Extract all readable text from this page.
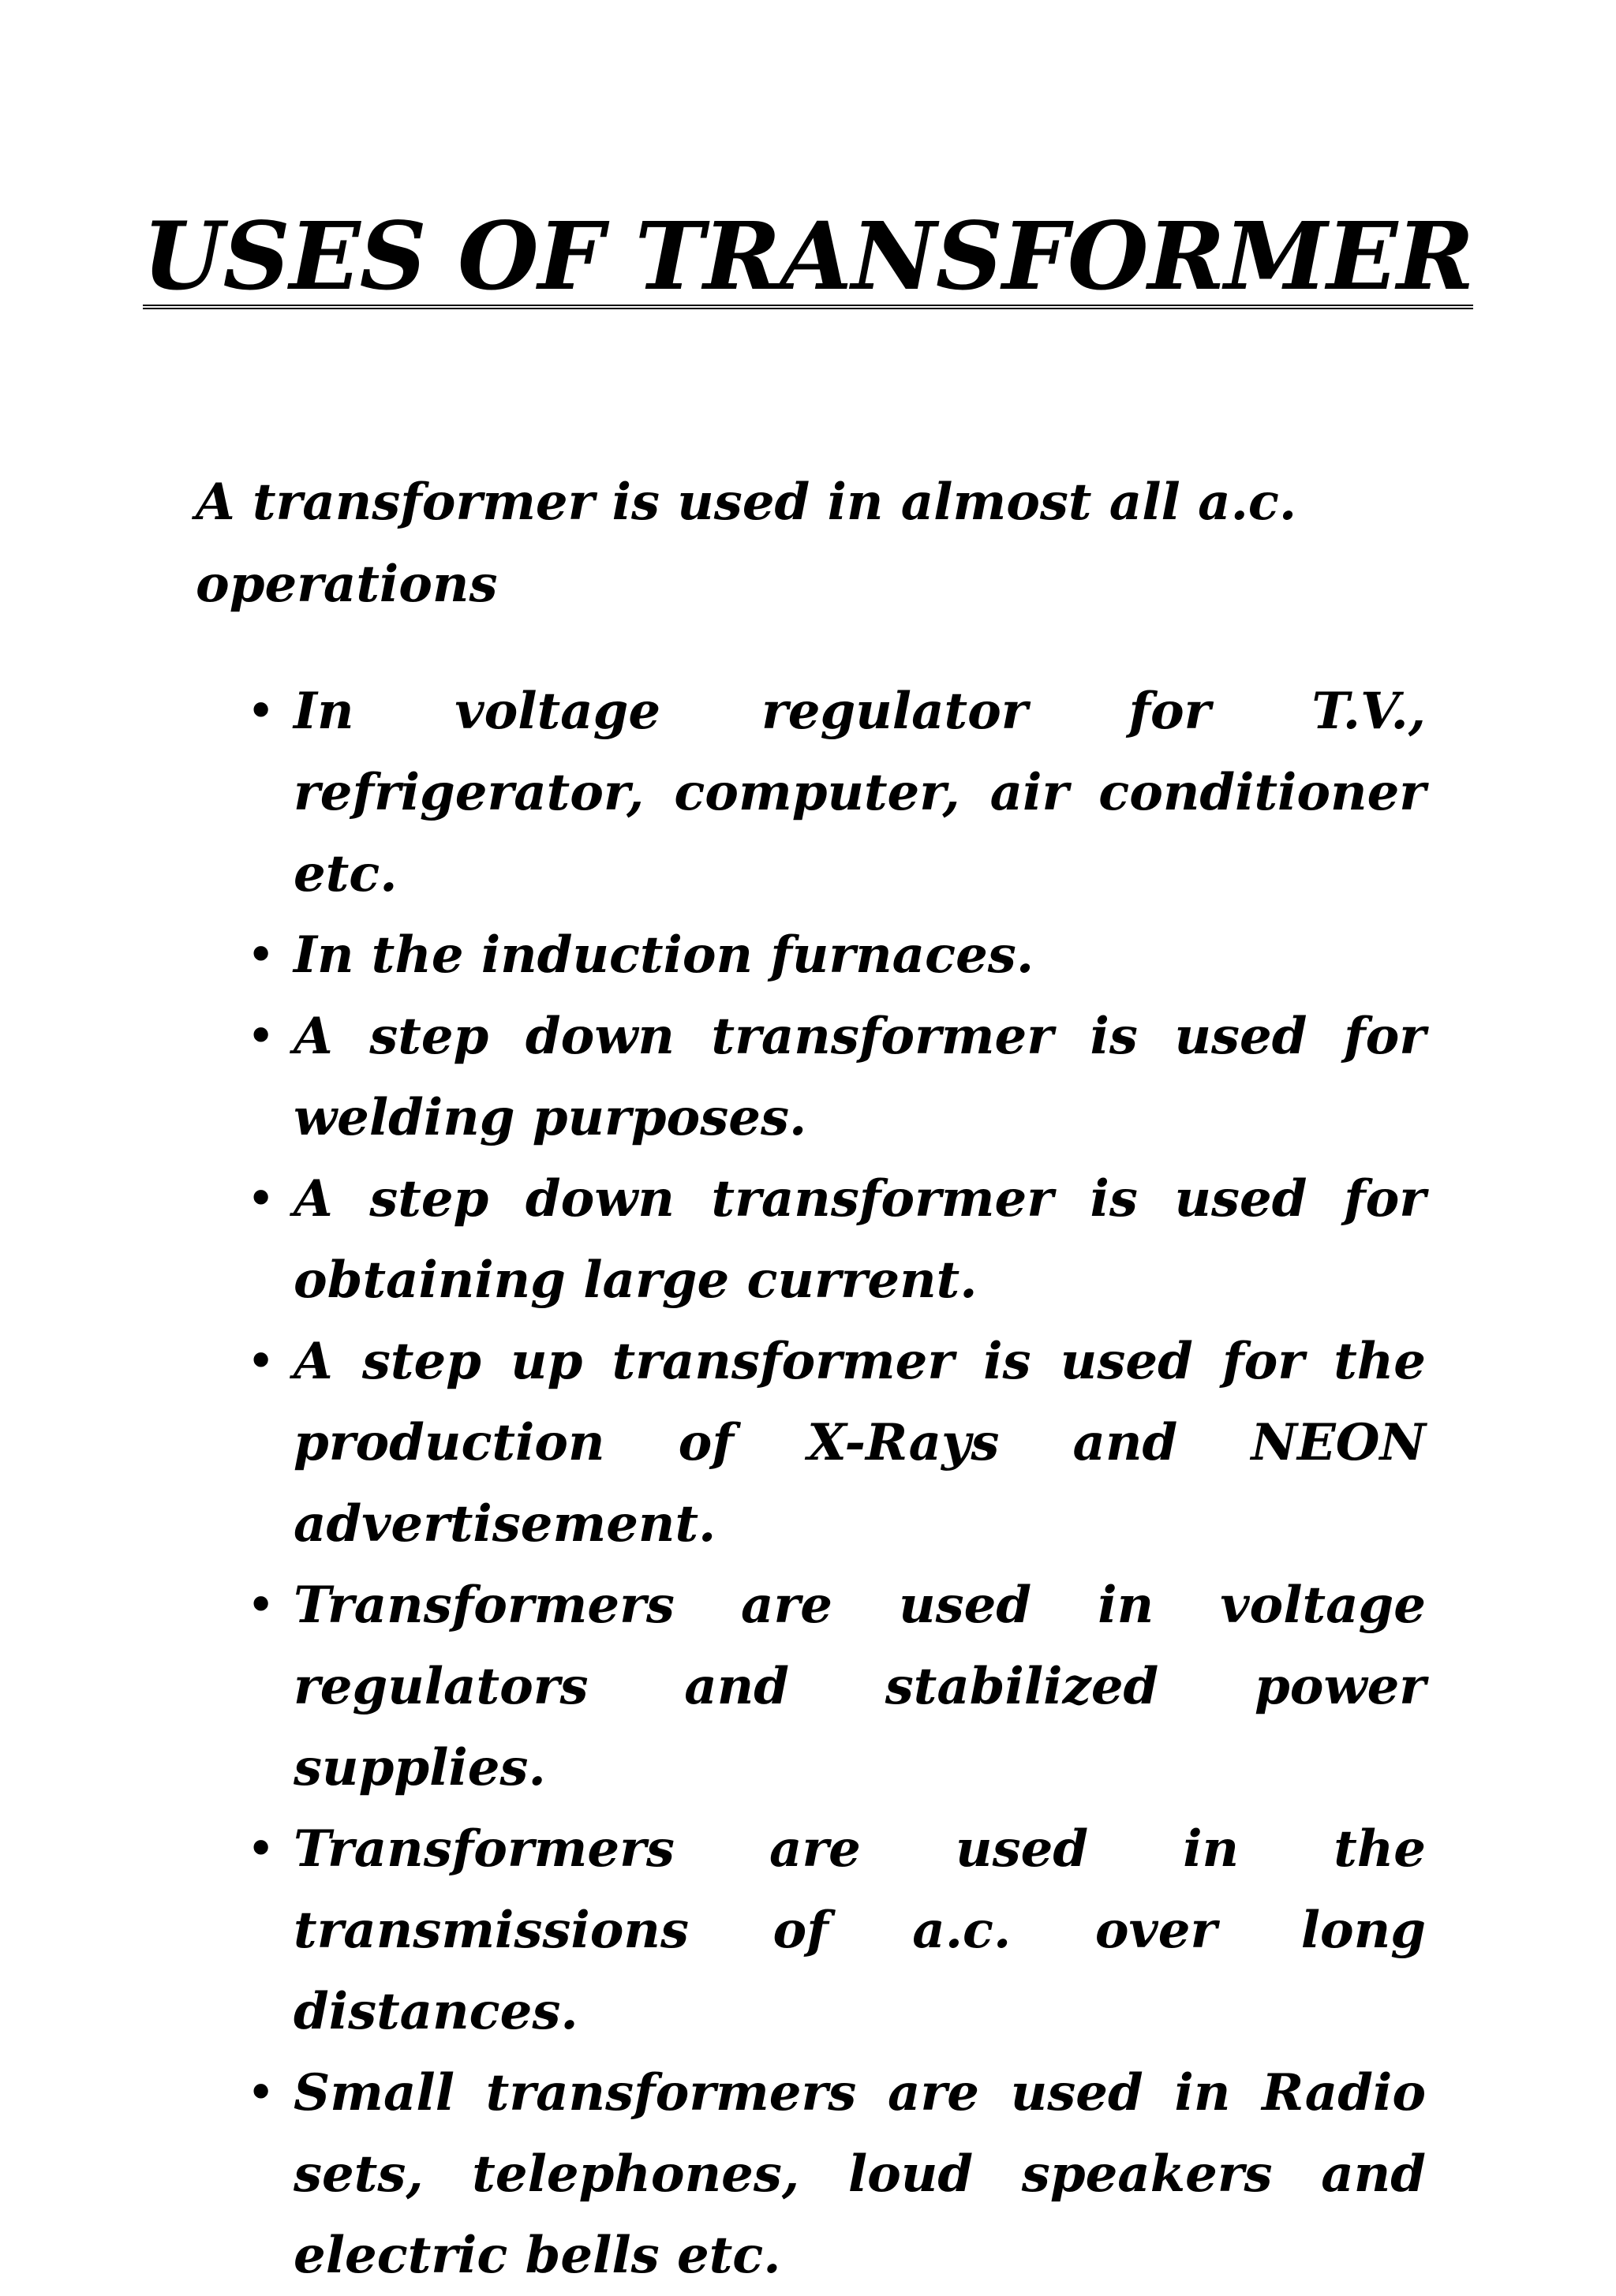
USES OF TRANSFORMER

A transformer is used in almost all a.c. operations

• In voltage regulator for T.V., refrigerator, computer, air conditioner etc.
• In the induction furnaces.
• A step down transformer is used for welding purposes.
• A step down transformer is used for obtaining large current.
• A step up transformer is used for the production of X-Rays and NEON advertisement.
• Transformers are used in voltage regulators and stabilized power supplies.
• Transformers are used in the transmissions of a.c. over long distances.
• Small transformers are used in Radio sets, telephones, loud speakers and electric bells etc.
